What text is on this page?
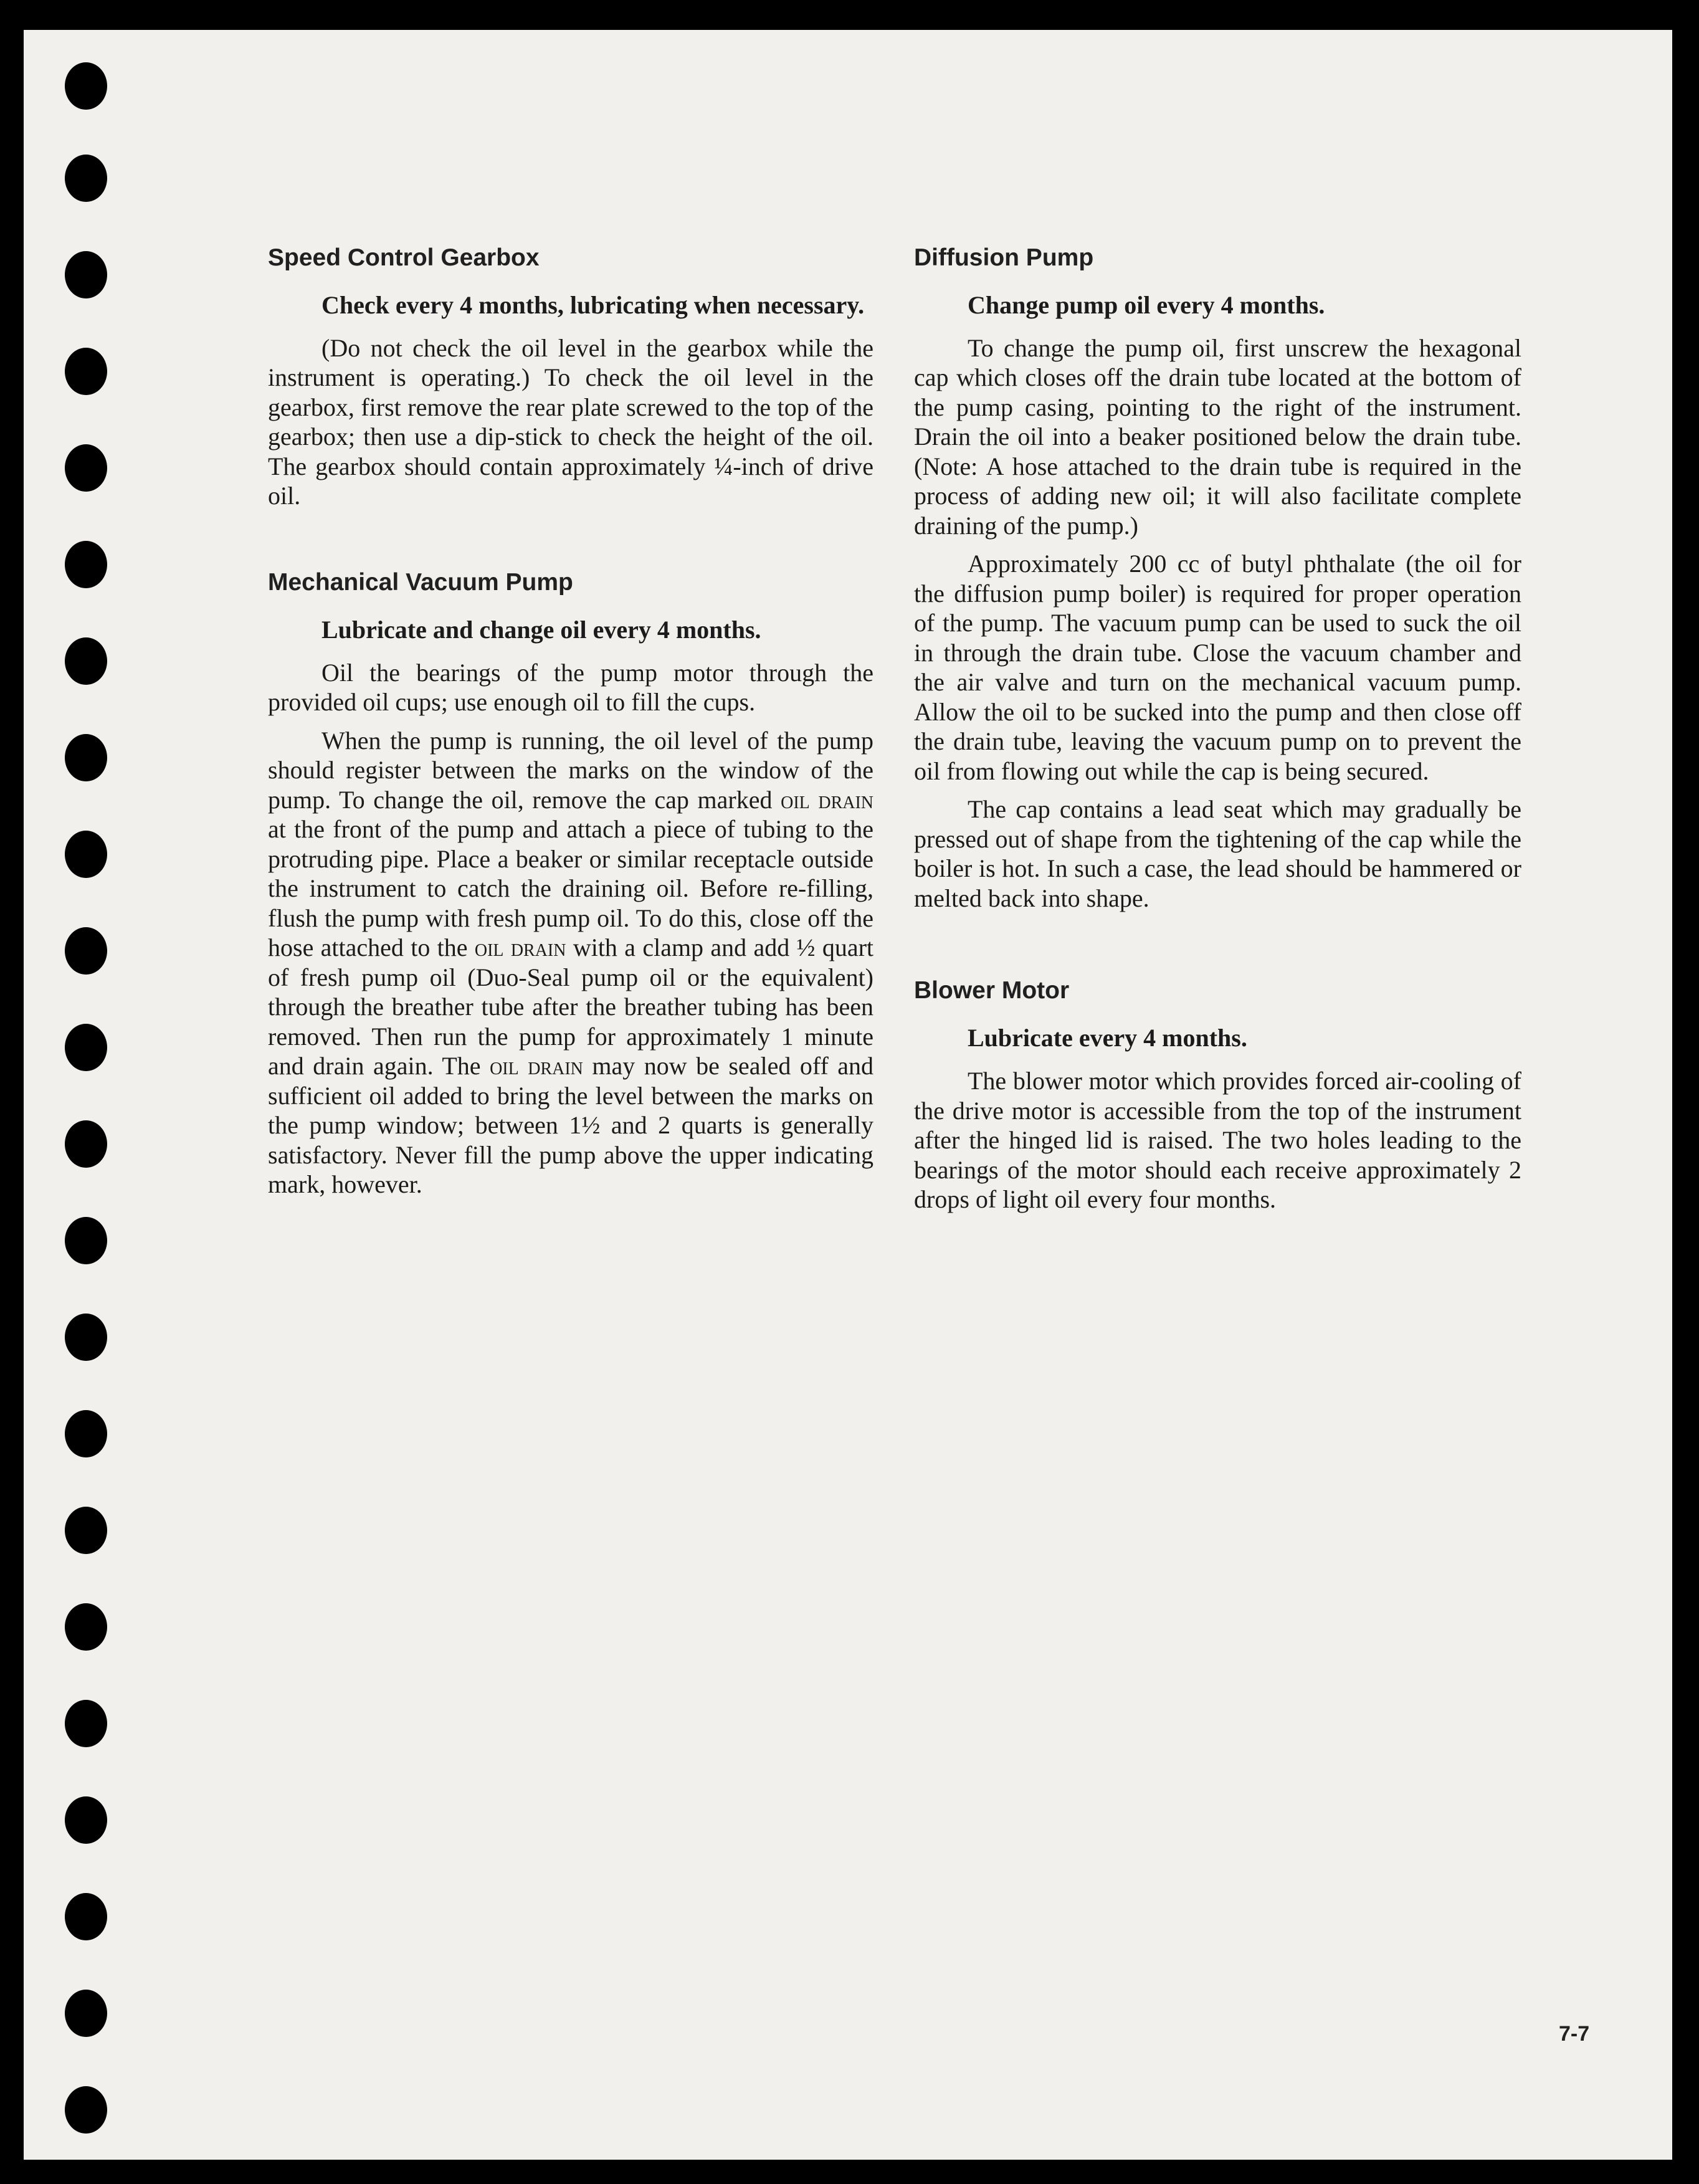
Speed Control Gearbox

Check every 4 months, lubricating when necessary.

(Do not check the oil level in the gearbox while the instrument is operating.) To check the oil level in the gearbox, first remove the rear plate screwed to the top of the gearbox; then use a dip-stick to check the height of the oil. The gearbox should contain approximately ¼-inch of drive oil.

Mechanical Vacuum Pump

Lubricate and change oil every 4 months.

Oil the bearings of the pump motor through the provided oil cups; use enough oil to fill the cups.

When the pump is running, the oil level of the pump should register between the marks on the window of the pump. To change the oil, remove the cap marked oil drain at the front of the pump and attach a piece of tubing to the protruding pipe. Place a beaker or similar receptacle outside the instrument to catch the draining oil. Before re-filling, flush the pump with fresh pump oil. To do this, close off the hose attached to the oil drain with a clamp and add ½ quart of fresh pump oil (Duo-Seal pump oil or the equivalent) through the breather tube after the breather tubing has been removed. Then run the pump for approximately 1 minute and drain again. The oil drain may now be sealed off and sufficient oil added to bring the level between the marks on the pump window; between 1½ and 2 quarts is generally satisfactory. Never fill the pump above the upper indicating mark, however.

Diffusion Pump

Change pump oil every 4 months.

To change the pump oil, first unscrew the hexagonal cap which closes off the drain tube located at the bottom of the pump casing, pointing to the right of the instrument. Drain the oil into a beaker positioned below the drain tube. (Note: A hose attached to the drain tube is required in the process of adding new oil; it will also facilitate complete draining of the pump.)

Approximately 200 cc of butyl phthalate (the oil for the diffusion pump boiler) is required for proper operation of the pump. The vacuum pump can be used to suck the oil in through the drain tube. Close the vacuum chamber and the air valve and turn on the mechanical vacuum pump. Allow the oil to be sucked into the pump and then close off the drain tube, leaving the vacuum pump on to prevent the oil from flowing out while the cap is being secured.

The cap contains a lead seat which may gradually be pressed out of shape from the tightening of the cap while the boiler is hot. In such a case, the lead should be hammered or melted back into shape.

Blower Motor

Lubricate every 4 months.

The blower motor which provides forced air-cooling of the drive motor is accessible from the top of the instrument after the hinged lid is raised. The two holes leading to the bearings of the motor should each receive approximately 2 drops of light oil every four months.

7-7
